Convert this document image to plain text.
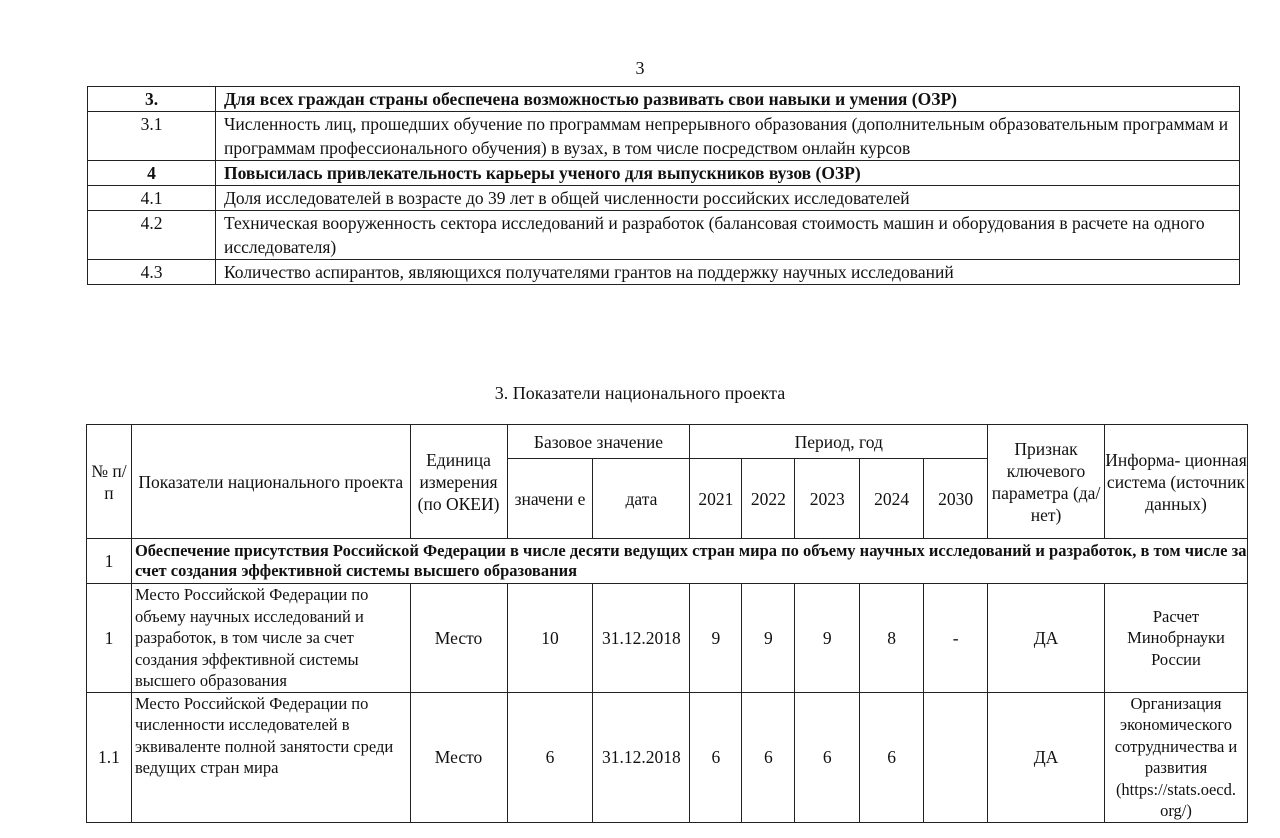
3
3.	Для всех граждан страны обеспечена возможностью развивать свои навыки и умения (ОЗР)
3.1	Численность лиц, прошедших обучение по программам непрерывного образования (дополнительным образовательным программам и программам профессионального обучения) в вузах, в том числе посредством онлайн курсов
4	Повысилась привлекательность карьеры ученого для выпускников вузов (ОЗР)
4.1	Доля исследователей в возрасте до 39 лет в общей численности российских исследователей
4.2	Техническая вооруженность сектора исследований и разработок (балансовая стоимость машин и оборудования в расчете на одного исследователя)
4.3	Количество аспирантов, являющихся получателями грантов на поддержку научных исследований
3. Показатели национального проекта
№ п/п	Показатели национального проекта	Единица измерения (по ОКЕИ)	Базовое значение		Период, год					Признак ключевого параметра (да/нет)	Информа- ционная система (источник данных)
			значени е	дата	2021	2022	2023	2024	2030		
1	Обеспечение присутствия Российской Федерации в числе десяти ведущих стран мира по объему научных исследований и разработок, в том числе за счет создания эффективной системы высшего образования										
1	Место Российской Федерации по объему научных исследований и разработок, в том числе за счет создания эффективной системы высшего образования	Место	10	31.12.2018	9	9	9	8	-	ДА	Расчет Минобрнауки России
1.1	Место Российской Федерации по численности исследователей в эквиваленте полной занятости среди ведущих стран мира	Место	6	31.12.2018	6	6	6	6		ДА	Организация экономического сотрудничества и развития (https://stats.oecd. org/)
